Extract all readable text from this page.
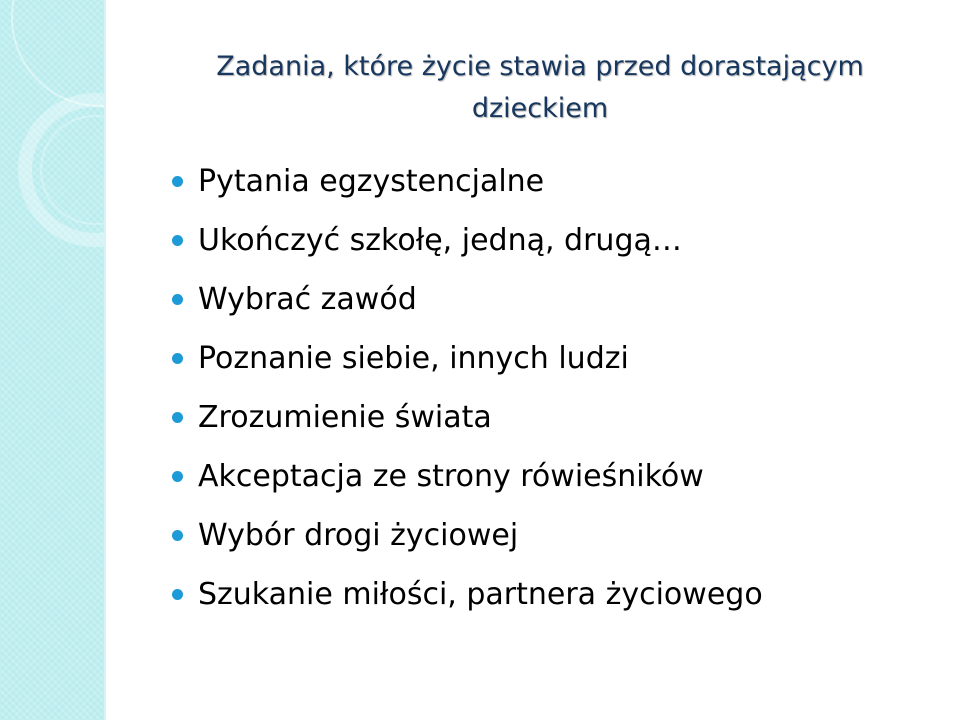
Zadania, które życie stawia przed dorastającym dzieckiem
Pytania egzystencjalne
Ukończyć szkołę, jedną, drugą…
Wybrać zawód
Poznanie siebie, innych ludzi
Zrozumienie świata
Akceptacja ze strony rówieśników
Wybór drogi życiowej
Szukanie miłości, partnera życiowego
